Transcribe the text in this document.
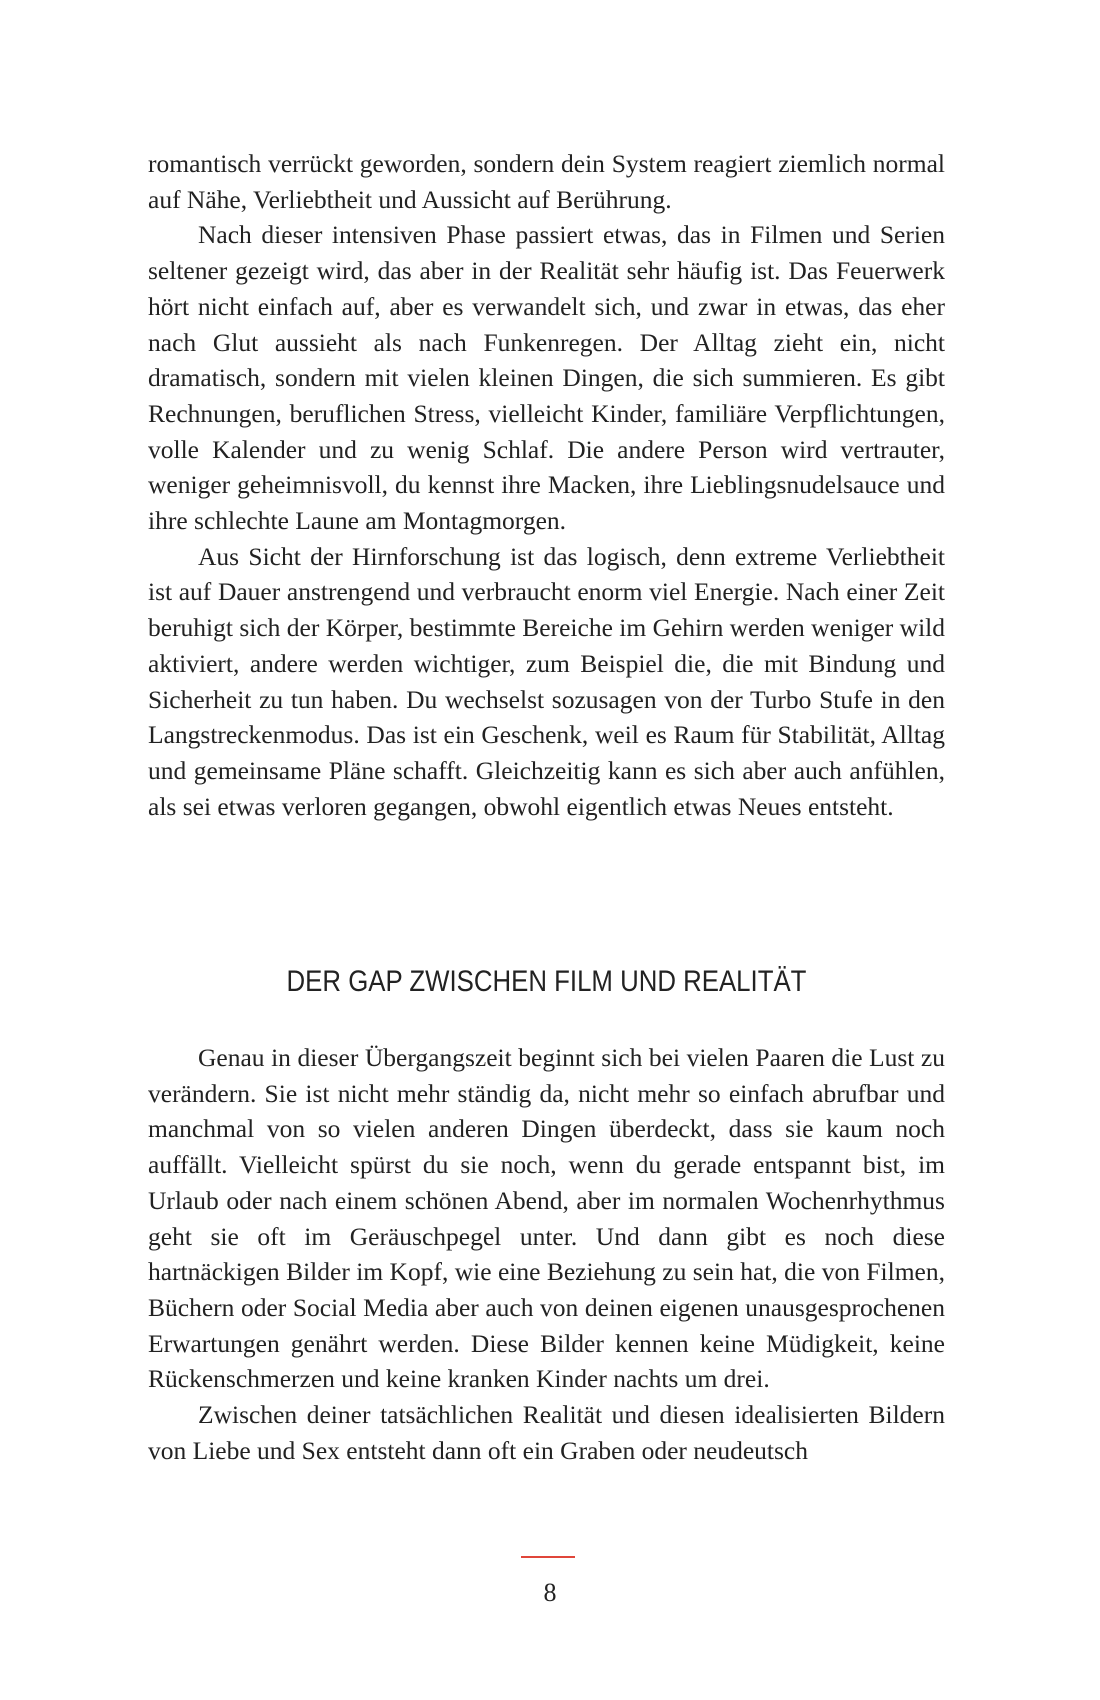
romantisch verrückt geworden, sondern dein System reagiert ziemlich normal auf Nähe, Verliebtheit und Aussicht auf Berührung.

Nach dieser intensiven Phase passiert etwas, das in Filmen und Serien seltener gezeigt wird, das aber in der Realität sehr häufig ist. Das Feuerwerk hört nicht einfach auf, aber es verwandelt sich, und zwar in etwas, das eher nach Glut aussieht als nach Funkenregen. Der Alltag zieht ein, nicht dramatisch, sondern mit vielen kleinen Dingen, die sich summieren. Es gibt Rechnungen, beruflichen Stress, vielleicht Kinder, familiäre Verpflichtungen, volle Kalender und zu wenig Schlaf. Die andere Person wird vertrauter, weniger geheimnisvoll, du kennst ihre Macken, ihre Lieblingsnudelsauce und ihre schlechte Laune am Montagmorgen.

Aus Sicht der Hirnforschung ist das logisch, denn extreme Verliebtheit ist auf Dauer anstrengend und verbraucht enorm viel Energie. Nach einer Zeit beruhigt sich der Körper, bestimmte Bereiche im Gehirn werden weniger wild aktiviert, andere werden wichtiger, zum Beispiel die, die mit Bindung und Sicherheit zu tun haben. Du wechselst sozusagen von der Turbo Stufe in den Langstreckenmodus. Das ist ein Geschenk, weil es Raum für Stabilität, Alltag und gemeinsame Pläne schafft. Gleichzeitig kann es sich aber auch anfühlen, als sei etwas verloren gegangen, obwohl eigentlich etwas Neues entsteht.

DER GAP ZWISCHEN FILM UND REALITÄT

Genau in dieser Übergangszeit beginnt sich bei vielen Paaren die Lust zu verändern. Sie ist nicht mehr ständig da, nicht mehr so einfach abrufbar und manchmal von so vielen anderen Dingen überdeckt, dass sie kaum noch auffällt. Vielleicht spürst du sie noch, wenn du gerade entspannt bist, im Urlaub oder nach einem schönen Abend, aber im normalen Wochenrhythmus geht sie oft im Geräuschpegel unter. Und dann gibt es noch diese hartnäckigen Bilder im Kopf, wie eine Beziehung zu sein hat, die von Filmen, Büchern oder Social Media aber auch von deinen eigenen unausgesprochenen Erwartungen genährt werden. Diese Bilder kennen keine Müdigkeit, keine Rückenschmerzen und keine kranken Kinder nachts um drei.

Zwischen deiner tatsächlichen Realität und diesen idealisierten Bildern von Liebe und Sex entsteht dann oft ein Graben oder neudeutsch

8
